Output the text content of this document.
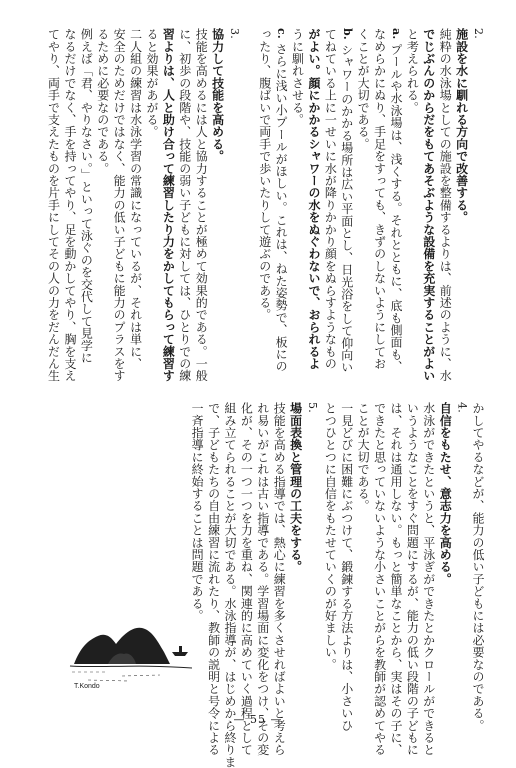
2.

施設を水に馴れる方向で改善する。

純粋の水泳場としての施設を整備するよりは、前述のように、水

でじぶんのからだをもてあそぶような設備を充実することがよい

と考えられる。

a. プールや水泳場は、浅くする。それとともに、底も側面も、

なめらかにぬり、手足をすっても、きずのしないようにしてお

くことが大切である。

b. シャワーのかかる場所は広い平面とし、日光浴をして仰向い

てねている上に一せいに水が降りかかり顔をぬらすようなもの

がよい。顔にかかるシャワーの水をぬぐわないで、おられるよ

うに馴れさせる。

c. さらに浅い小プールがほしい。これは、ねた姿勢で、板にの

ったり、腹ばいで両手で歩いたりして遊ぶのである。

3.

協力して技能を高める。

技能を高めるには人と協力することが極めて効果的である。一般

に、初歩の段階や、技能の弱い子どもに対しては、ひとりでの練

習よりは、人と助け合って練習したり力をかしてもらって練習す

ると効果があがる。

二人組の練習は水泳学習の常識になっているが、それは単に、

安全のためだけではなく、能力の低い子どもに能力のプラスをす

るために必要なのである。

例えば「君、やりなさい。」といって泳ぐのを交代して見学に

なるだけでなく、手を持ってやり、足を動かしてやり、胸を支え

てやり、両手で支えたものを片手にしてその人の力をだんだん生

かしてやるなどが、能力の低い子どもには必要なのである。

4.

自信をもたせ、意志力を高める。

水泳ができたというと、平泳ぎができたとかクロールができると

いうようなことをすぐ問題にするが、能力の低い段階の子どもに

は、それは通用しない。もっと簡単なことから、実はその子に、

できたと思っていないような小さいことがらを教師が認めてやる

ことが大切である。

一見どびに困難にぶつけて、鍛錬する方法よりは、小さいひ

とつひとつに自信をもたせていくのが好ましい。

5.

場面表換と管理の工夫をする。

技能を高める指導では、熱心に練習を多くさせればよいと考えら

れ易いがこれは古い指導である。学習場面に変化をつけ、その変

化が、その一つ一つを力を重ね、関連的に高めていく過程として

組み立てられることが大切である。水泳指導が、はじめから終りま

で、子どもたちの自由練習に流れたり、教師の説明と号令による

一斉指導に終始することは問題である。

T.Kondo
— 55 —
